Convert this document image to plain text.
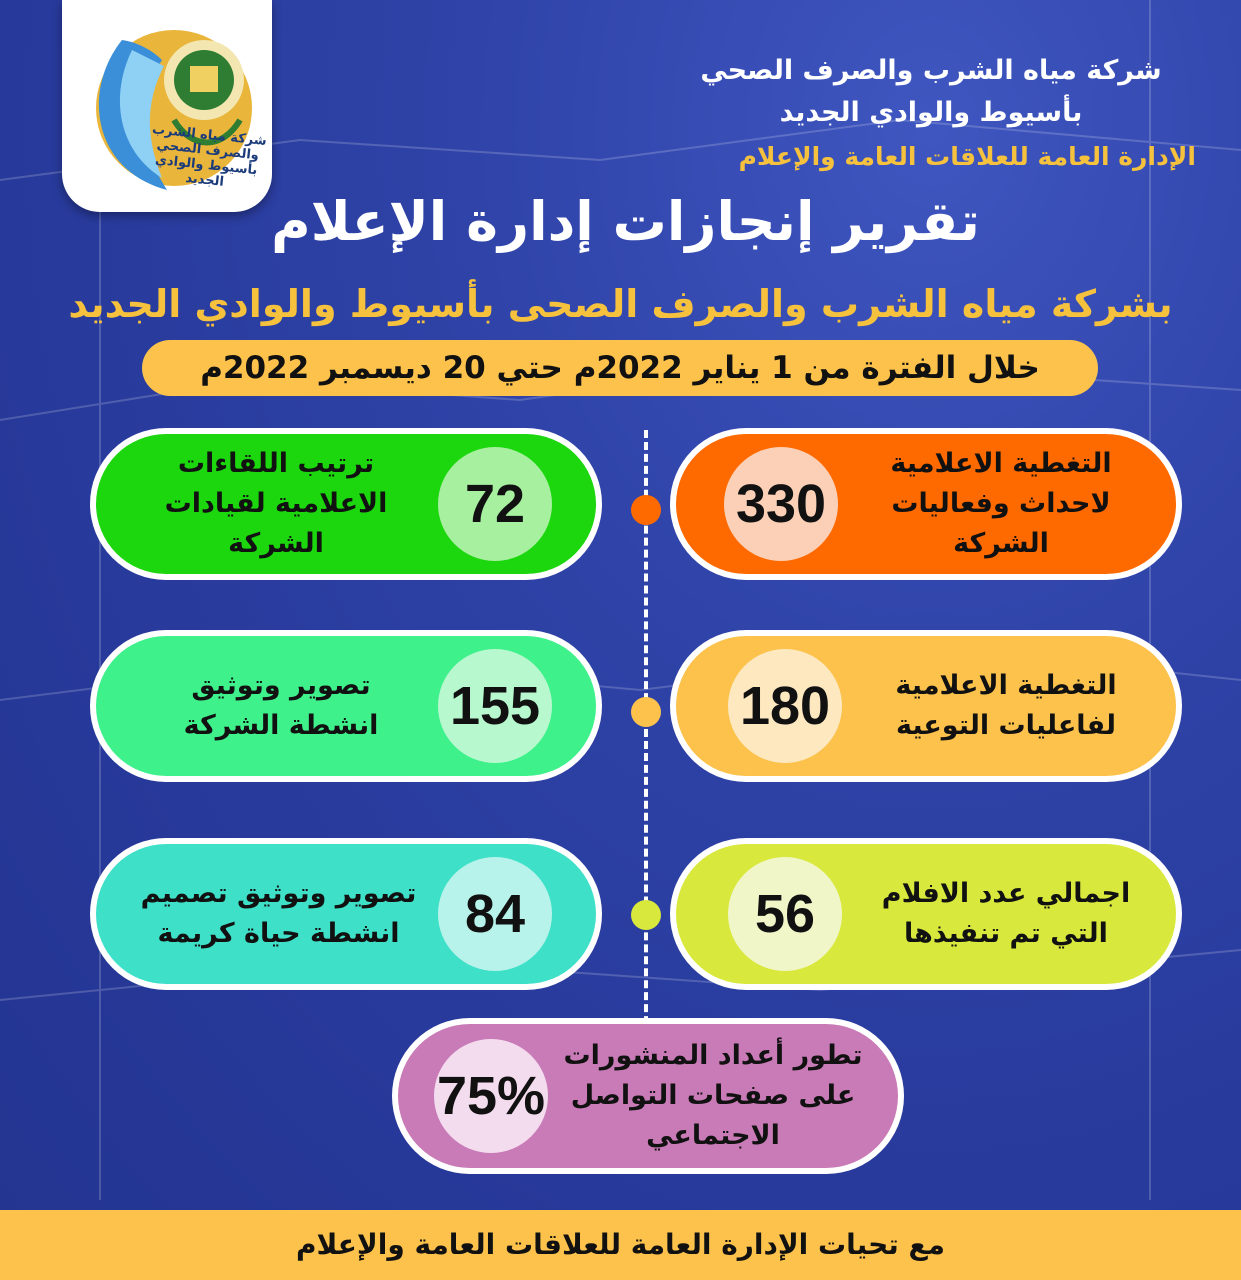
شركة مياه الشرب والصرف الصحي بأسيوط والوادي الجديد
شركة مياه الشرب والصرف الصحي
بأسيوط والوادي الجديد
الإدارة العامة للعلاقات العامة والإعلام
تقرير إنجازات إدارة الإعلام
بشركة مياه الشرب والصرف الصحى بأسيوط والوادي الجديد
خلال الفترة من 1 يناير 2022م حتي 20 ديسمبر 2022م
330
التغطية الاعلامية
لاحداث وفعاليات
الشركة
72
ترتيب اللقاءات
الاعلامية لقيادات
الشركة
180	التغطية الاعلامية
لفاعليات التوعية
155
تصوير وتوثيق
انشطة الشركة
56	اجمالي عدد الافلام
التي تم تنفيذها
84
تصوير وتوثيق تصميم
انشطة حياة كريمة
75%
تطور أعداد المنشورات
على صفحات التواصل
الاجتماعي
مع تحيات الإدارة العامة للعلاقات العامة والإعلام
